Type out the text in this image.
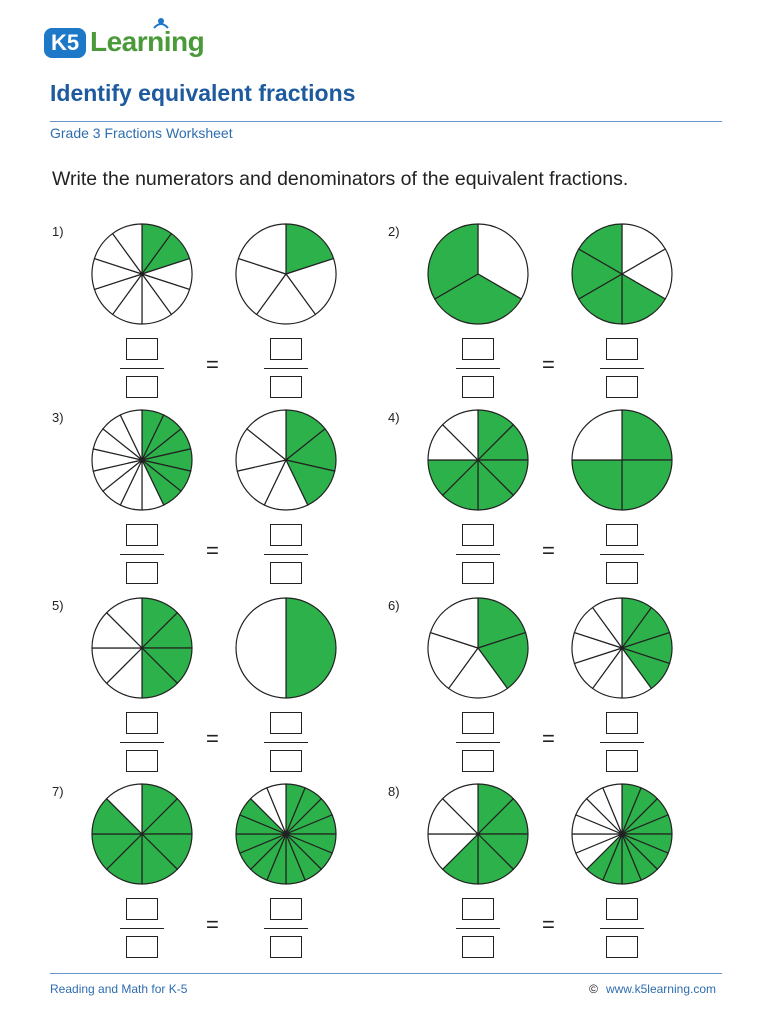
K5 Learning
Identify equivalent fractions
Grade 3 Fractions Worksheet
Write the numerators and denominators of the equivalent fractions.
1)
=
2)
=
3)
=
4)
=
5)
=
6)
=
7)
=
8)
=
Reading and Math for K-5	© www.k5learning.com
